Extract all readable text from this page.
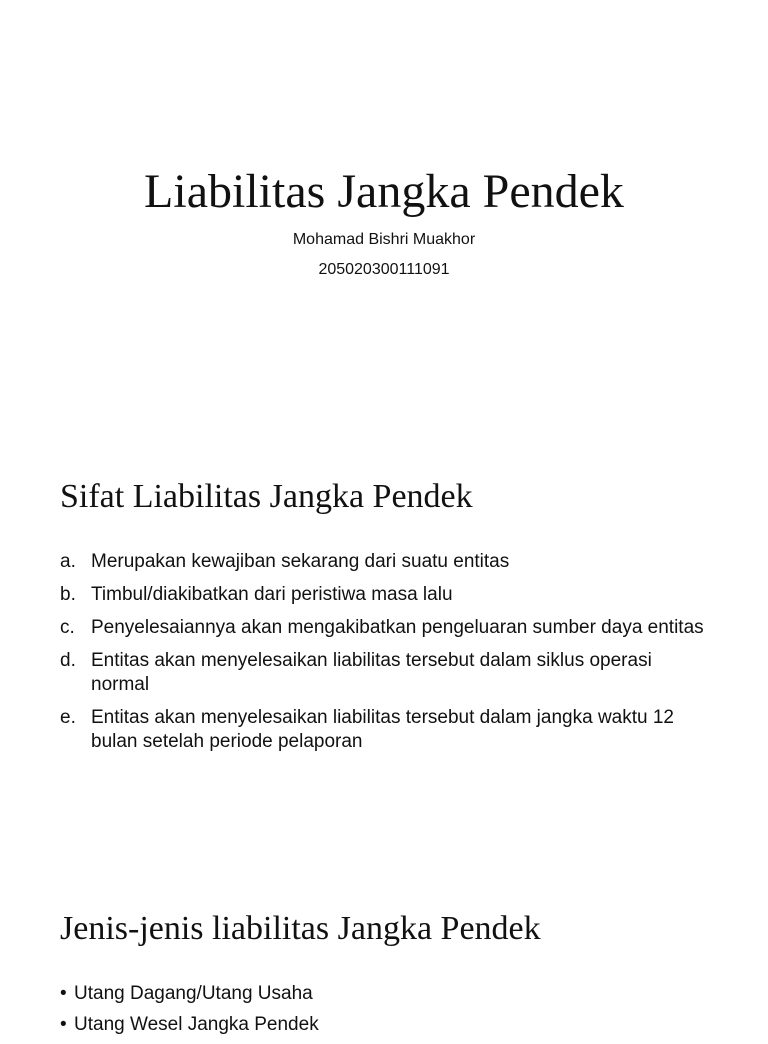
Liabilitas Jangka Pendek
Mohamad Bishri Muakhor
205020300111091
Sifat Liabilitas Jangka Pendek
a. Merupakan kewajiban sekarang dari suatu entitas
b. Timbul/diakibatkan dari peristiwa masa lalu
c. Penyelesaiannya akan mengakibatkan pengeluaran sumber daya entitas
d. Entitas akan menyelesaikan liabilitas tersebut dalam siklus operasi normal
e. Entitas akan menyelesaikan liabilitas tersebut dalam jangka waktu 12 bulan setelah periode pelaporan
Jenis-jenis liabilitas Jangka Pendek
• Utang Dagang/Utang Usaha
• Utang Wesel Jangka Pendek
